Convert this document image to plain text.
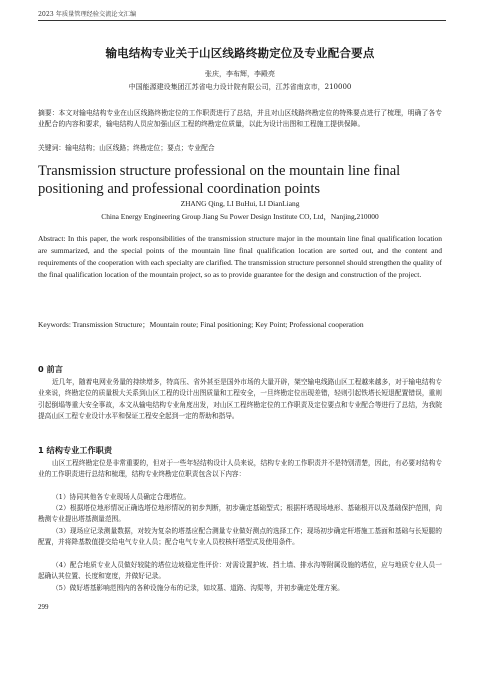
2023 年质量管理经验交流论文汇编
输电结构专业关于山区线路终勘定位及专业配合要点
张庆，李布辉，李殿亮
中国能源建设集团江苏省电力设计院有限公司，江苏省南京市，210000
摘要：本文对输电结构专业在山区线路终勘定位的工作职责进行了总结，并且对山区线路终勘定位的特殊要点进行了梳理，明确了各专业配合的内容和要求，输电结构人员应加强山区工程的终勘定位质量，以此为设计出图和工程施工提供保障。
关键词：输电结构；山区线路；终勘定位；要点；专业配合
Transmission structure professional on the mountain line final positioning and professional coordination points
ZHANG Qing, LI BuHui, LI DianLiang
China Energy Engineering Group Jiang Su Power Design Institute CO, Ltd，Nanjing,210000
Abstract: In this paper, the work responsibilities of the transmission structure major in the mountain line final qualification location are summarized, and the special points of the mountain line final qualification location are sorted out, and the content and requirements of the cooperation with each specialty are clarified. The transmission structure personnel should strengthen the quality of the final qualification location of the mountain project, so as to provide guarantee for the design and construction of the project.
Keywords: Transmission Structure；Mountain route; Final positioning; Key Point; Professional cooperation
0 前言
近几年，随着电网业务量的持续增多，特高压、省外甚至是国外市场的大量开辟，架空输电线路山区工程越来越多，对于输电结构专业来说，终勘定位的质量极大关系到山区工程的设计出图质量和工程安全，一旦终勘定位出现差错，轻则引起铁塔长短退配置错误，重则引起倒塌等重大安全事故，本文从输电结构专业角度出发，对山区工程终勘定位的工作职责及定位要点和专业配合等进行了总结，为我院提高山区工程专业设计水平和保证工程安全起到一定的帮助和指导。
1 结构专业工作职责
山区工程终勘定位是非常重要的，但对于一些年轻结构设计人员来说，结构专业的工作职责并不是特别清楚，因此，有必要对结构专业的工作职责进行总结和梳理，结构专业终勘定位职责包含以下内容：
（1）协同其他各专业现场人员确定合理塔位。
（2）根据塔位地形情况正确选塔位地形情况的初步判断，初步确定基础型式；根据杆塔现场地形、基础根开以及基础保护范围，向勘测专业提出塔基测量范围。
（3）现场应记录测量数据，对较为复杂的塔基应配合测量专业做好测点的选择工作；现场初步确定杆塔施工基面和基础与长短腿的配置，并将降基数值提交给电气专业人员；配合电气专业人员校核杆塔型式及使用条件。
（4）配合地质专业人员做好较陡的塔位边坡稳定性评价：对需设置护坡、挡土墙、排水沟等附属设施的塔位，应与地质专业人员一起确认其位置、长度和宽度，并做好记录。
（5）做好塔基影响范围内的各种设施分布的记录，如坟墓、道路、沟渠等，并初步确定处理方案。
299
